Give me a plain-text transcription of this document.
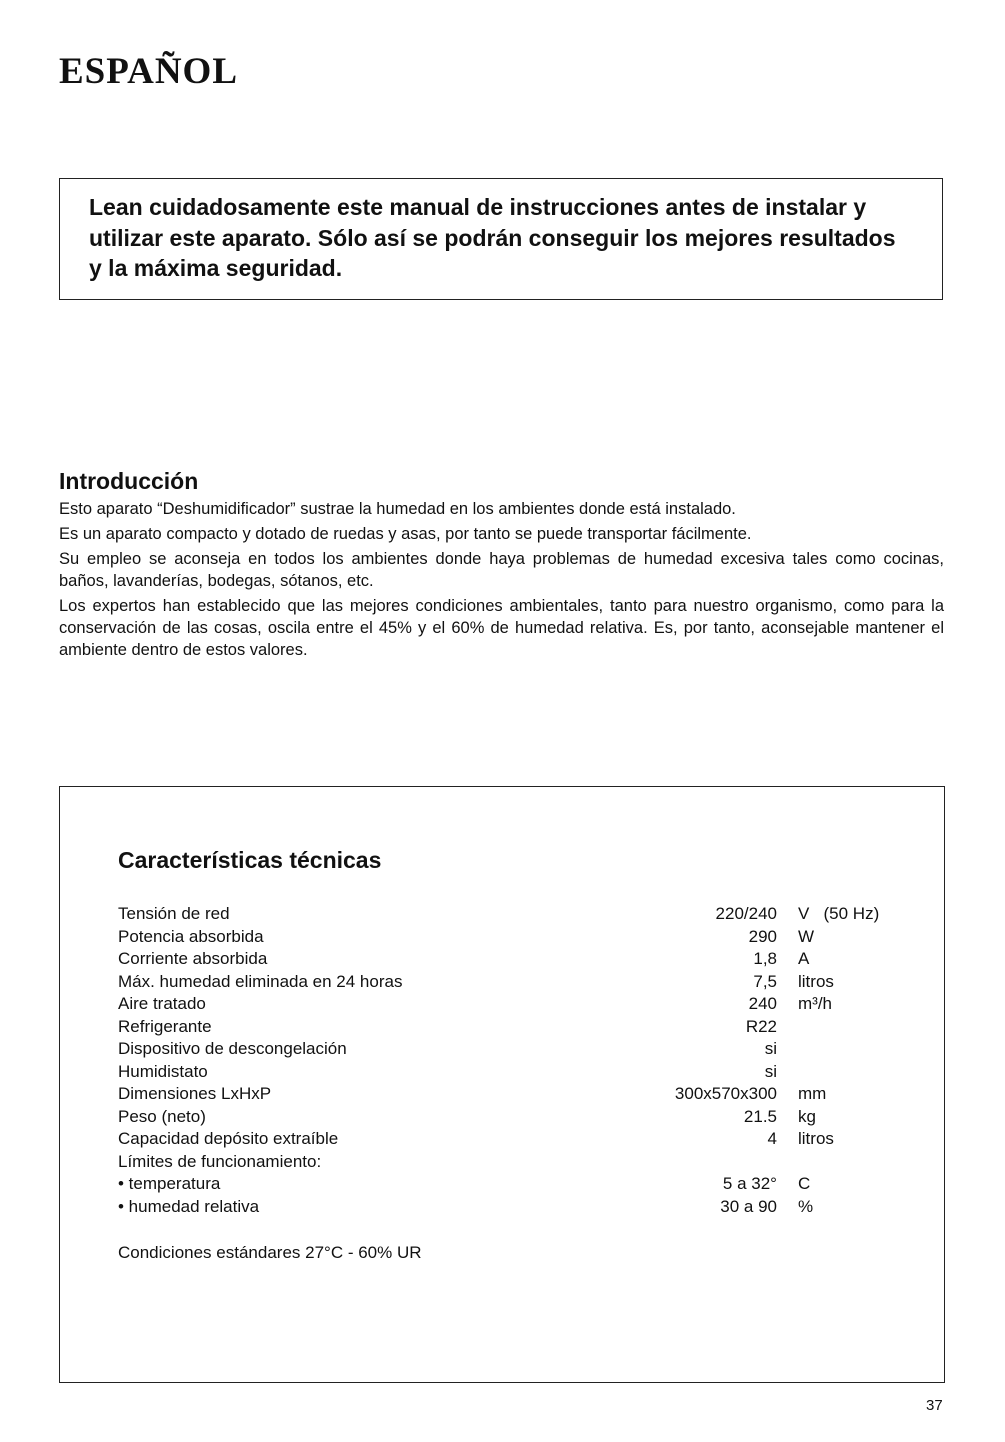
ESPAÑOL

Lean cuidadosamente este manual de instrucciones antes de instalar y utilizar este aparato. Sólo así se podrán conseguir los mejores resultados y la máxima seguridad.

Introducción

Esto aparato “Deshumidificador” sustrae la humedad en los ambientes donde está instalado.

Es un aparato compacto y dotado de ruedas y asas, por tanto se puede transportar fácilmente.

Su empleo se aconseja en todos los ambientes donde haya problemas de humedad excesiva tales como cocinas, baños, lavanderías, bodegas, sótanos, etc.

Los expertos han establecido que las mejores condiciones ambientales, tanto para nuestro organismo, como para la conservación de las cosas, oscila entre el 45% y el 60% de humedad relativa. Es, por tanto, aconsejable mantener el ambiente dentro de estos valores.

Características técnicas
Tensión de red	220/240 V   (50 Hz)
Potencia absorbida	290 W
Corriente absorbida	1,8 A
Máx. humedad eliminada en 24 horas	7,5 litros
Aire tratado	240 m³/h
Refrigerante	R22
Dispositivo de descongelación	si
Humidistato	si
Dimensiones LxHxP	300x570x300 mm
Peso (neto)	21.5 kg
Capacidad depósito extraíble	4 litros
Límites de funcionamiento:
• temperatura	5 a 32° C
• humedad relativa	30 a 90 %

Condiciones estándares 27°C - 60% UR

37
